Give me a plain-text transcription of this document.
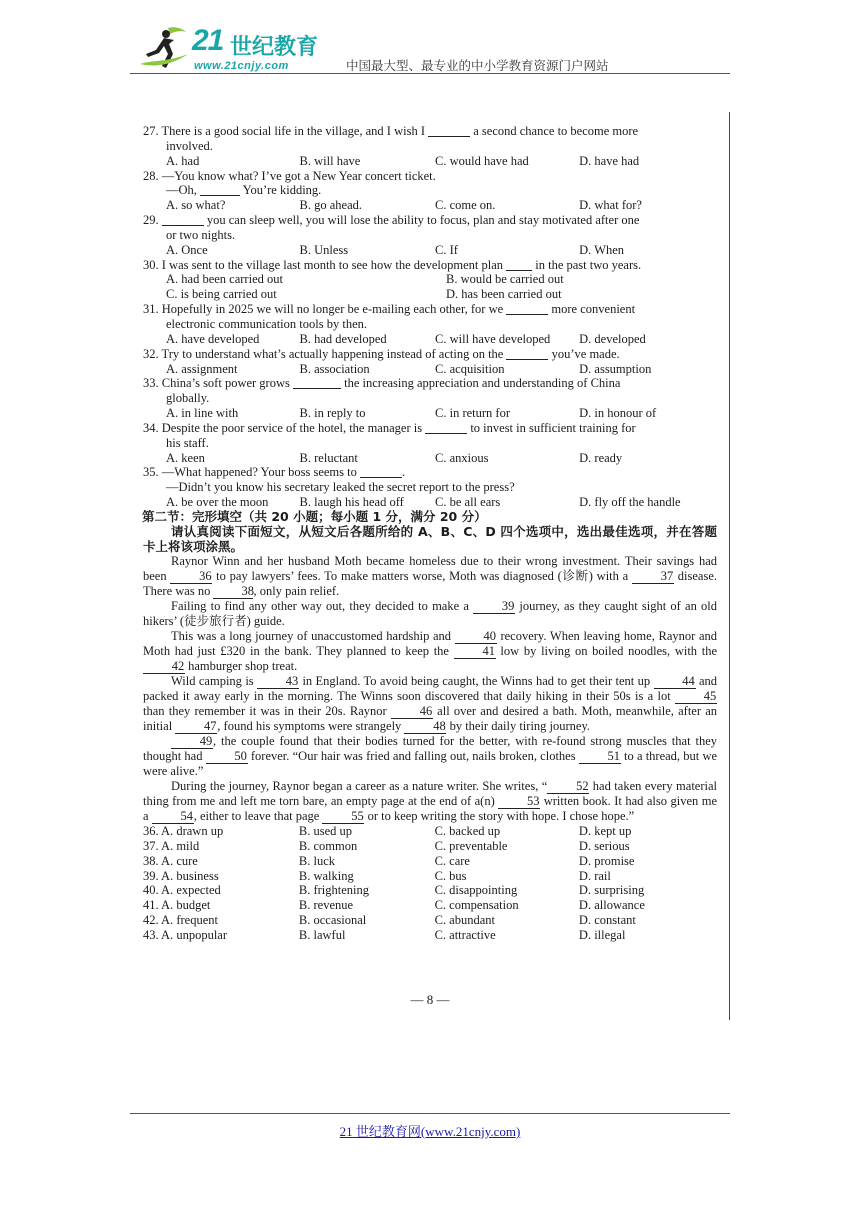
21 世纪教育
www.21cnjy.com	中国最大型、最专业的中小学教育资源门户网站

27. There is a good social life in the village, and I wish I	a second chance to become more

involved.

A. had	B. will have	C. would have had	D. have had

28. —You know what? I’ve got a New Year concert ticket.

—Oh,	You’re kidding.

A. so what?	B. go ahead.	C. come on.	D. what for?

29.	you can sleep well, you will lose the ability to focus, plan and stay motivated after one

or two nights.

A. Once	B. Unless	C. If	D. When

30. I was sent to the village last month to see how the development plan	in the past two years.

A. had been carried out	B. would be carried out
C. is being carried out	D. has been carried out

31. Hopefully in 2025 we will no longer be e-mailing each other, for we	more convenient

electronic communication tools by then.

A. have developed	B. had developed	C. will have developed	D. developed

32. Try to understand what’s actually happening instead of acting on the	you’ve made.

A. assignment	B. association	C. acquisition	D. assumption

33. China’s soft power grows	the increasing appreciation and understanding of China

globally.

A. in line with	B. in reply to	C. in return for	D. in honour of

34. Despite the poor service of the hotel, the manager is	to invest in sufficient training for

his staff.

A. keen	B. reluctant	C. anxious	D. ready

35. —What happened? Your boss seems to	.

—Didn’t you know his secretary leaked the secret report to the press?

A. be over the moon	B. laugh his head off	C. be all ears	D. fly off the handle

第二节：完形填空（共 20 小题；每小题 1 分，满分 20 分）

请认真阅读下面短文，从短文后各题所给的 A、B、C、D 四个选项中，选出最佳选项，并在答题卡上将该项涂黑。

Raynor Winn and her husband Moth became homeless due to their wrong investment. Their savings had been	36 to pay lawyers’ fees. To make matters worse, Moth was diagnosed (诊断) with a	37 disease. There was no 38, only pain relief.

Failing to find any other way out, they decided to make a	39 journey, as they caught sight of an old hikers’ (徒步旅行者) guide.

This was a long journey of unaccustomed hardship and	40 recovery. When leaving home, Raynor and Moth had just £320 in the bank. They planned to keep the	41 low by living on boiled noodles, with the 42 hamburger shop treat.

Wild camping is	43 in England. To avoid being caught, the Winns had to get their tent up	44 and packed it away early in the morning. The Winns soon discovered that daily hiking in their 50s is a lot	45 than they remember it was in their 20s. Raynor	46 all over and desired a bath. Moth, meanwhile, after an initial	47, found his symptoms were strangely	48 by their daily tiring journey.

49, the couple found that their bodies turned for the better, with re-found strong muscles that they thought had	50 forever. “Our hair was fried and falling out, nails broken, clothes	51 to a thread, but we were alive.”

During the journey, Raynor began a career as a nature writer. She writes, “ 52 had taken every material thing from me and left me torn bare, an empty page at the end of a(n)	53 written book. It had also given me a	54, either to leave that page	55 or to keep writing the story with hope. I chose hope.”

36. A. drawn up	B. used up	C. backed up	D. kept up
37. A. mild	B. common	C. preventable	D. serious
38. A. cure	B. luck	C. care	D. promise
39. A. business	B. walking	C. bus	D. rail
40. A. expected	B. frightening	C. disappointing	D. surprising
41. A. budget	B. revenue	C. compensation	D. allowance
42. A. frequent	B. occasional	C. abundant	D. constant
43. A. unpopular	B. lawful	C. attractive	D. illegal
— 8 —
21 世纪教育网(www.21cnjy.com)
